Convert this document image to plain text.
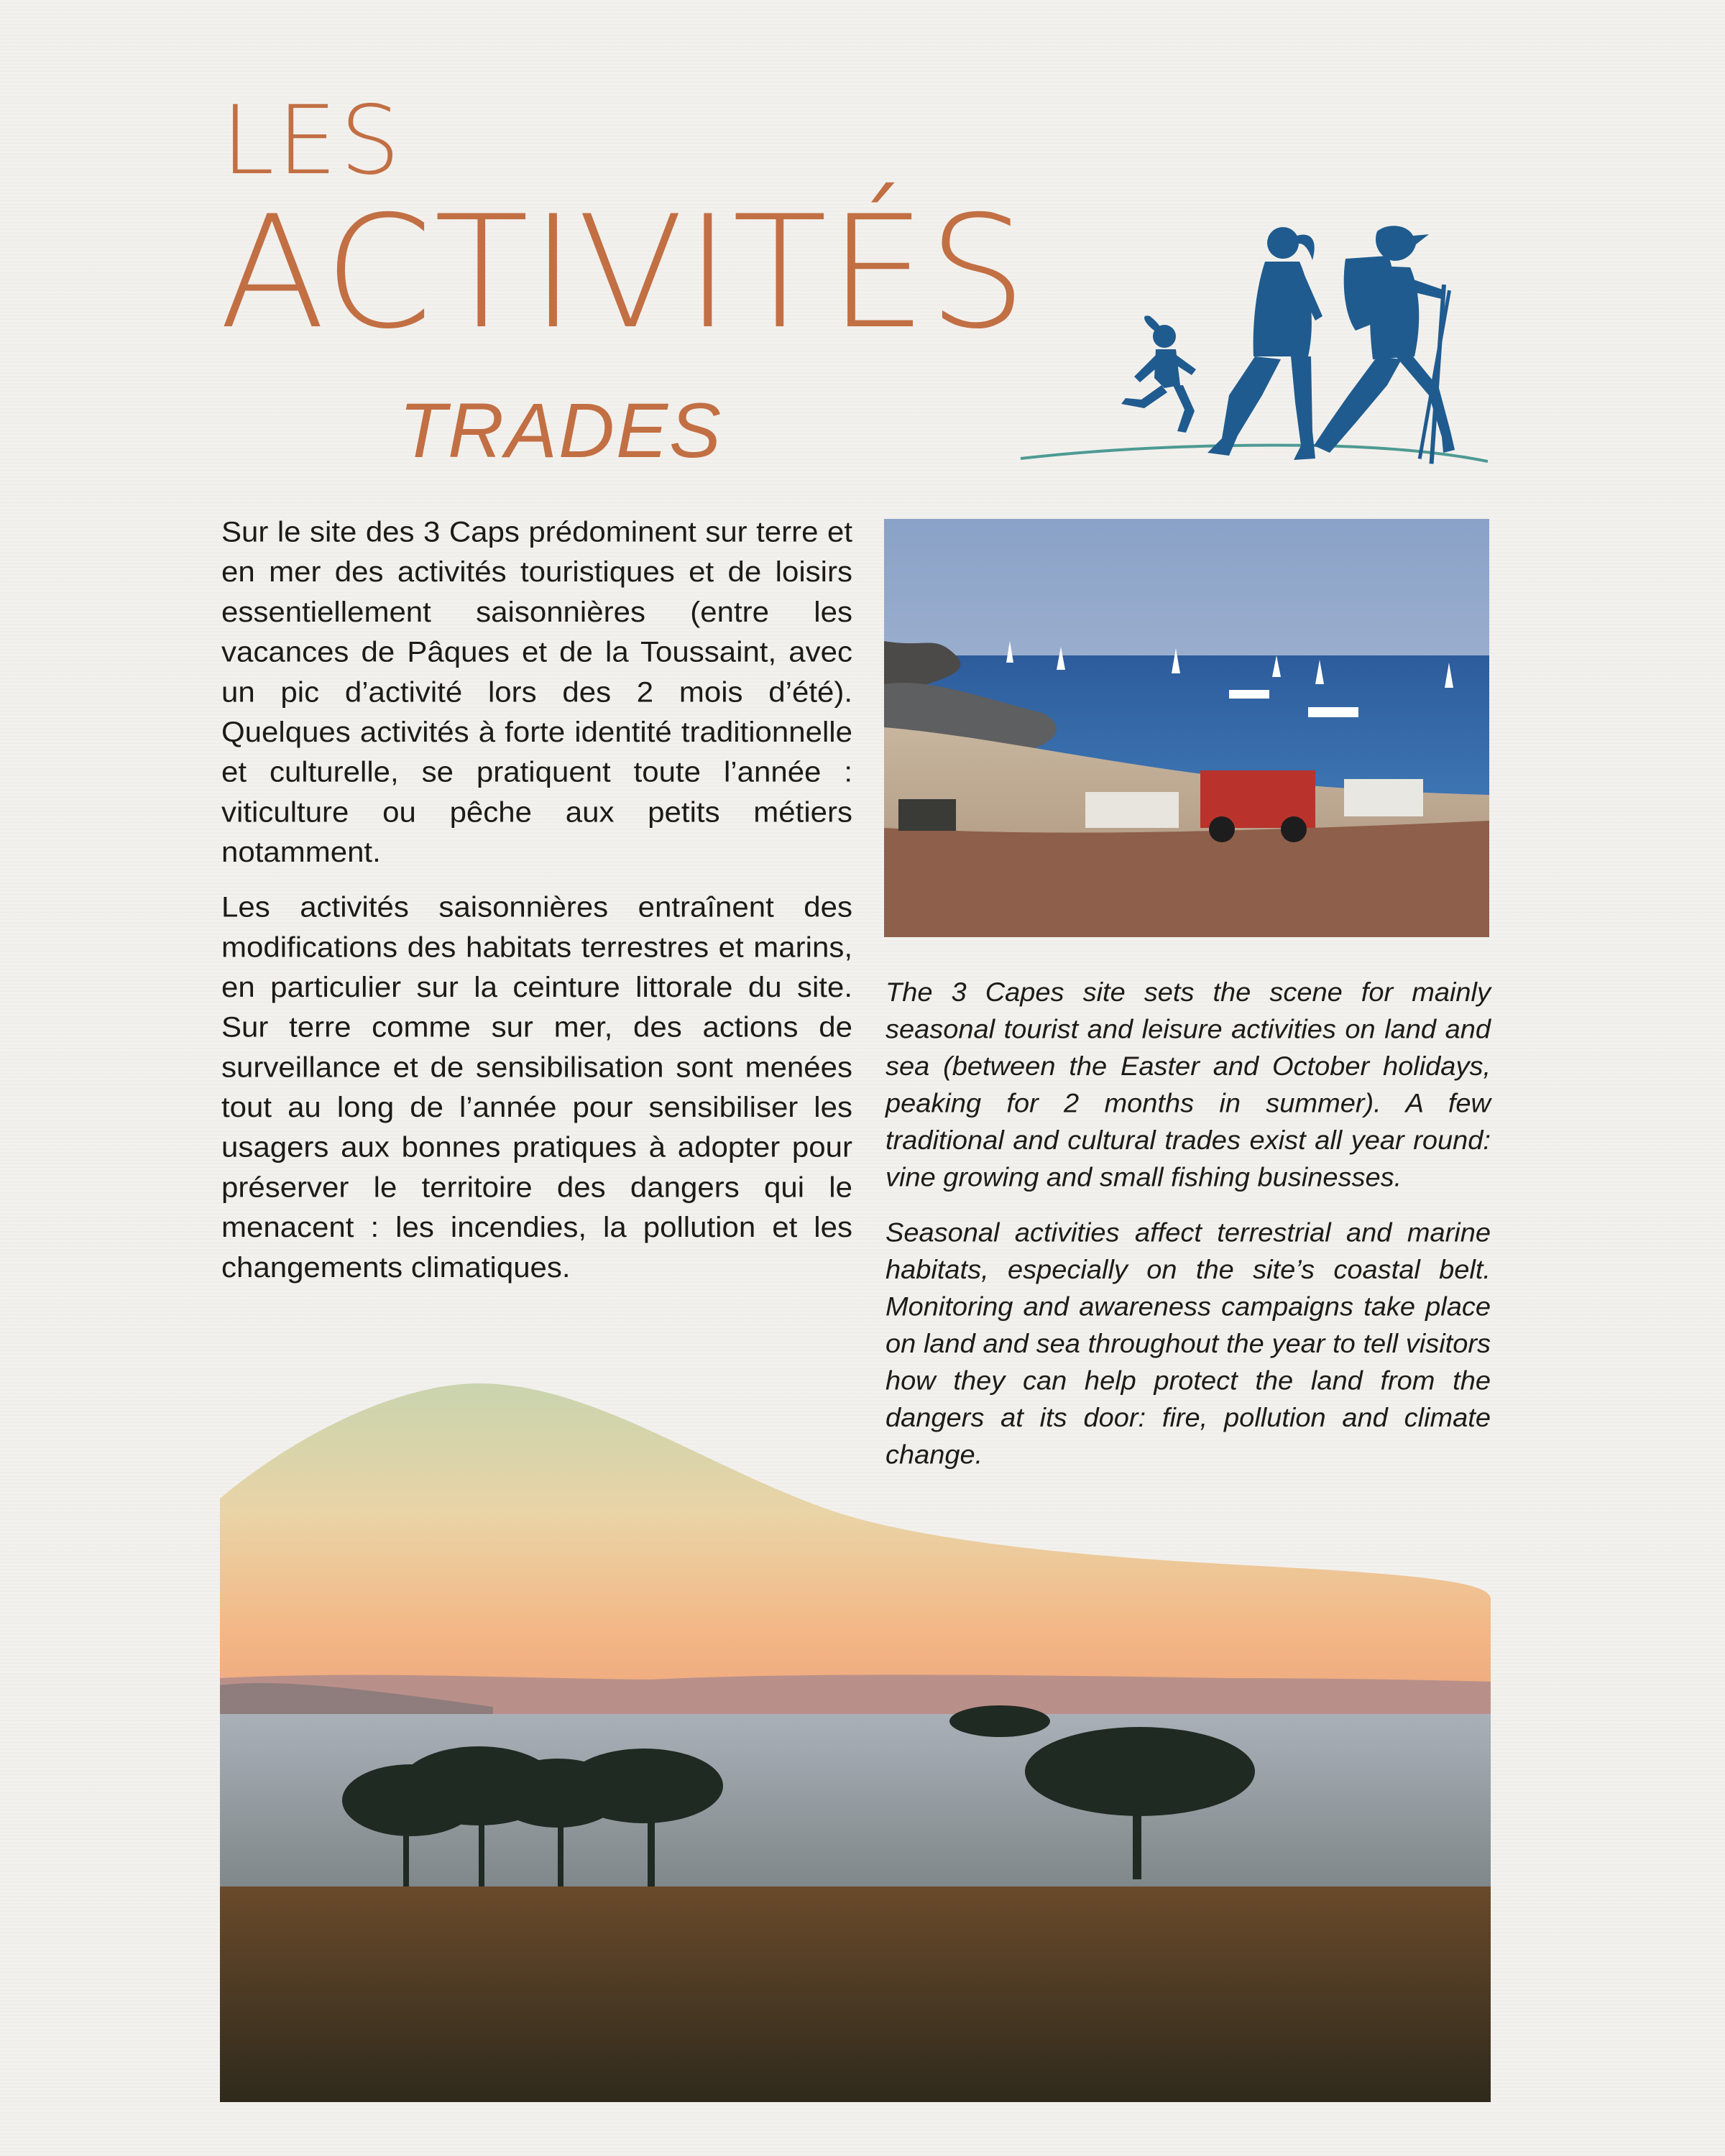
LES
ACTIVITÉS
TRADES

Sur le site des 3 Caps prédominent sur terre et en mer des activités touristiques et de loisirs essentiellement saisonnières (entre les vacances de Pâques et de la Toussaint, avec un pic d’activité lors des 2 mois d’été). Quelques activités à forte identité traditionnelle et culturelle, se pratiquent toute l’année : viticulture ou pêche aux petits métiers notamment.

Les activités saisonnières entraînent des modifications des habitats terrestres et marins, en particulier sur la ceinture littorale du site. Sur terre comme sur mer, des actions de surveillance et de sensibilisation sont menées tout au long de l’année pour sensibiliser les usagers aux bonnes pratiques à adopter pour préserver le territoire des dangers qui le menacent : les incendies, la pollution et les changements climatiques.

The 3 Capes site sets the scene for mainly seasonal tourist and leisure activities on land and sea (between the Easter and October holidays, peaking for 2 months in summer). A few traditional and cultural trades exist all year round: vine growing and small fishing businesses.

Seasonal activities affect terrestrial and marine habitats, especially on the site’s coastal belt. Monitoring and awareness campaigns take place on land and sea throughout the year to tell visitors how they can help protect the land from the dangers at its door: fire, pollution and climate change.
